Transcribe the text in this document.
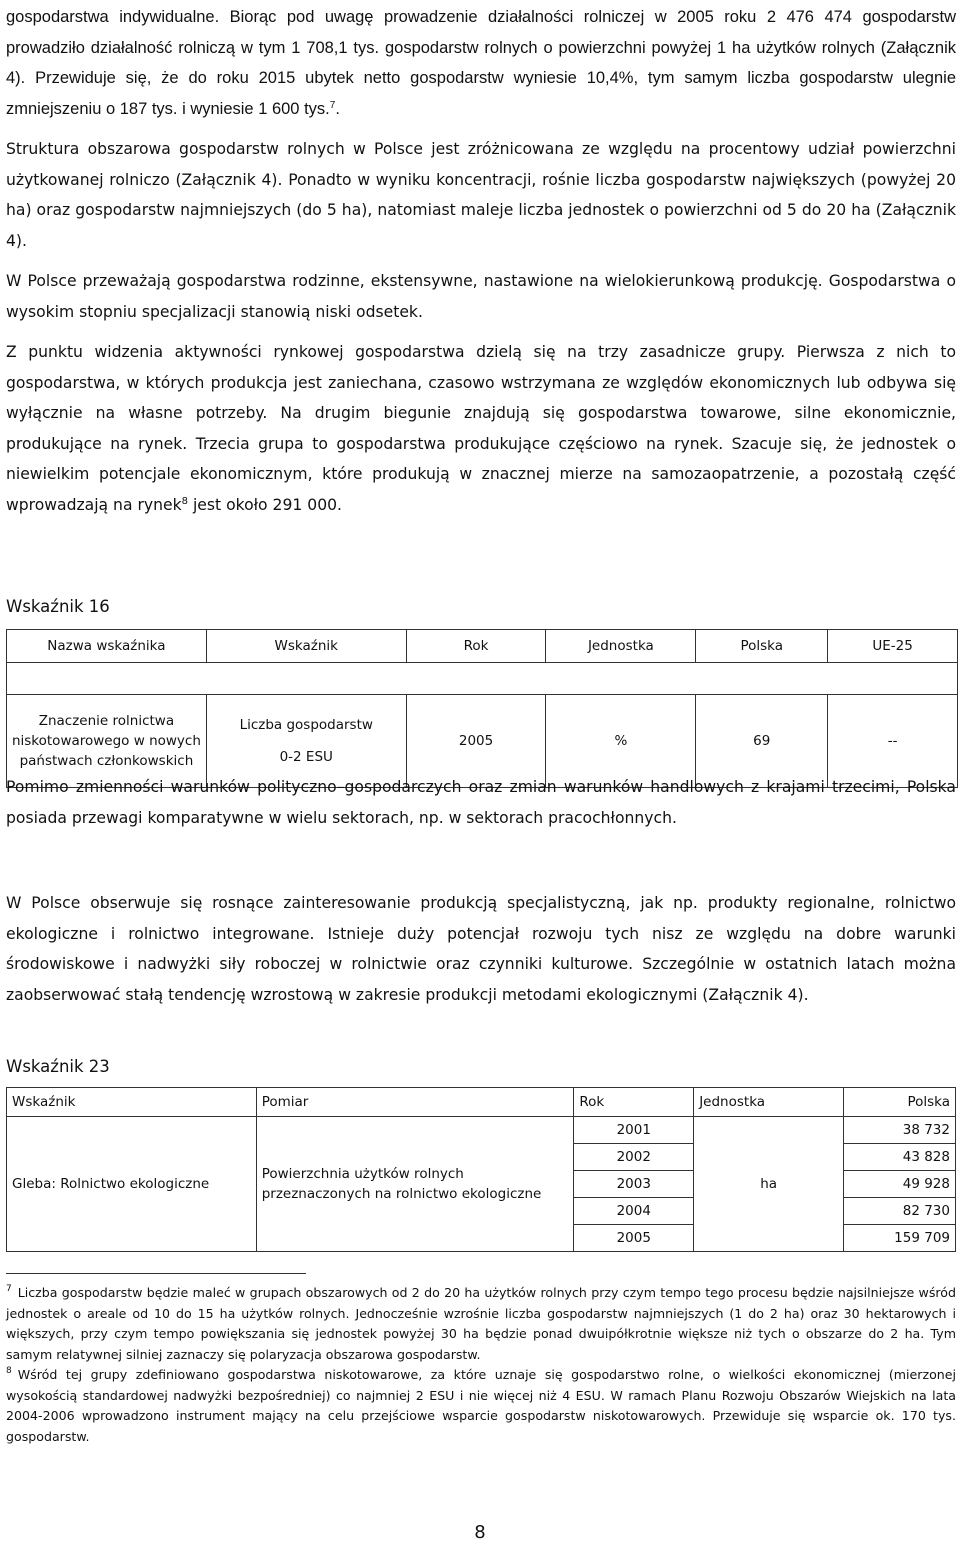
gospodarstwa indywidualne. Biorąc pod uwagę prowadzenie działalności rolniczej w 2005 roku 2 476 474 gospodarstw prowadziło działalność rolniczą w tym 1 708,1 tys. gospodarstw rolnych o powierzchni powyżej 1 ha użytków rolnych (Załącznik 4). Przewiduje się, że do roku 2015 ubytek netto gospodarstw wyniesie 10,4%, tym samym liczba gospodarstw ulegnie zmniejszeniu o 187 tys. i wyniesie 1 600 tys.$^7$.

Struktura obszarowa gospodarstw rolnych w Polsce jest zróżnicowana ze względu na procentowy udział powierzchni użytkowanej rolniczo (Załącznik 4). Ponadto w wyniku koncentracji, rośnie liczba gospodarstw największych (powyżej 20 ha) oraz gospodarstw najmniejszych (do 5 ha), natomiast maleje liczba jednostek o powierzchni od 5 do 20 ha (Załącznik 4).

W Polsce przeważają gospodarstwa rodzinne, ekstensywne, nastawione na wielokierunkową produkcję. Gospodarstwa o wysokim stopniu specjalizacji stanowią niski odsetek.

Z punktu widzenia aktywności rynkowej gospodarstwa dzielą się na trzy zasadnicze grupy. Pierwsza z nich to gospodarstwa, w których produkcja jest zaniechana, czasowo wstrzymana ze względów ekonomicznych lub odbywa się wyłącznie na własne potrzeby. Na drugim biegunie znajdują się gospodarstwa towarowe, silne ekonomicznie, produkujące na rynek. Trzecia grupa to gospodarstwa produkujące częściowo na rynek. Szacuje się, że jednostek o niewielkim potencjale ekonomicznym, które produkują w znacznej mierze na samozaopatrzenie, a pozostałą część wprowadzają na rynek$^8$ jest około 291 000.

Wskaźnik 16
Nazwa wskaźnika	Wskaźnik	Rok	Jednostka	Polska	UE-25

Znaczenie rolnictwa niskotowarowego w nowych państwach członkowskich	Liczba gospodarstw
0-2 ESU	2005	%	69	--

Pomimo zmienności warunków polityczno–gospodarczych oraz zmian warunków handlowych z krajami trzecimi, Polska posiada przewagi komparatywne w wielu sektorach, np. w sektorach pracochłonnych.

W Polsce obserwuje się rosnące zainteresowanie produkcją specjalistyczną, jak np. produkty regionalne, rolnictwo ekologiczne i rolnictwo integrowane. Istnieje duży potencjał rozwoju tych nisz ze względu na dobre warunki środowiskowe i nadwyżki siły roboczej w rolnictwie oraz czynniki kulturowe. Szczególnie w ostatnich latach można zaobserwować stałą tendencję wzrostową w zakresie produkcji metodami ekologicznymi (Załącznik 4).

Wskaźnik 23
Wskaźnik	Pomiar	Rok	Jednostka	Polska
Gleba: Rolnictwo ekologiczne	Powierzchnia użytków rolnych przeznaczonych na rolnictwo ekologiczne	2001	ha	38 732
		2002		43 828
		2003		49 928
		2004		82 730
		2005		159 709

$^7$ Liczba gospodarstw będzie maleć w grupach obszarowych od 2 do 20 ha użytków rolnych przy czym tempo tego procesu będzie najsilniejsze wśród jednostek o areale od 10 do 15 ha użytków rolnych. Jednocześnie wzrośnie liczba gospodarstw najmniejszych (1 do 2 ha) oraz 30 hektarowych i większych, przy czym tempo powiększania się jednostek powyżej 30 ha będzie ponad dwuipółkrotnie większe niż tych o obszarze do 2 ha. Tym samym relatywnej silniej zaznaczy się polaryzacja obszarowa gospodarstw.

$^8$ Wśród tej grupy zdefiniowano gospodarstwa niskotowarowe, za które uznaje się gospodarstwo rolne, o wielkości ekonomicznej (mierzonej wysokością standardowej nadwyżki bezpośredniej) co najmniej 2 ESU i nie więcej niż 4 ESU. W ramach Planu Rozwoju Obszarów Wiejskich na lata 2004-2006 wprowadzono instrument mający na celu przejściowe wsparcie gospodarstw niskotowarowych. Przewiduje się wsparcie ok. 170 tys. gospodarstw.

8
